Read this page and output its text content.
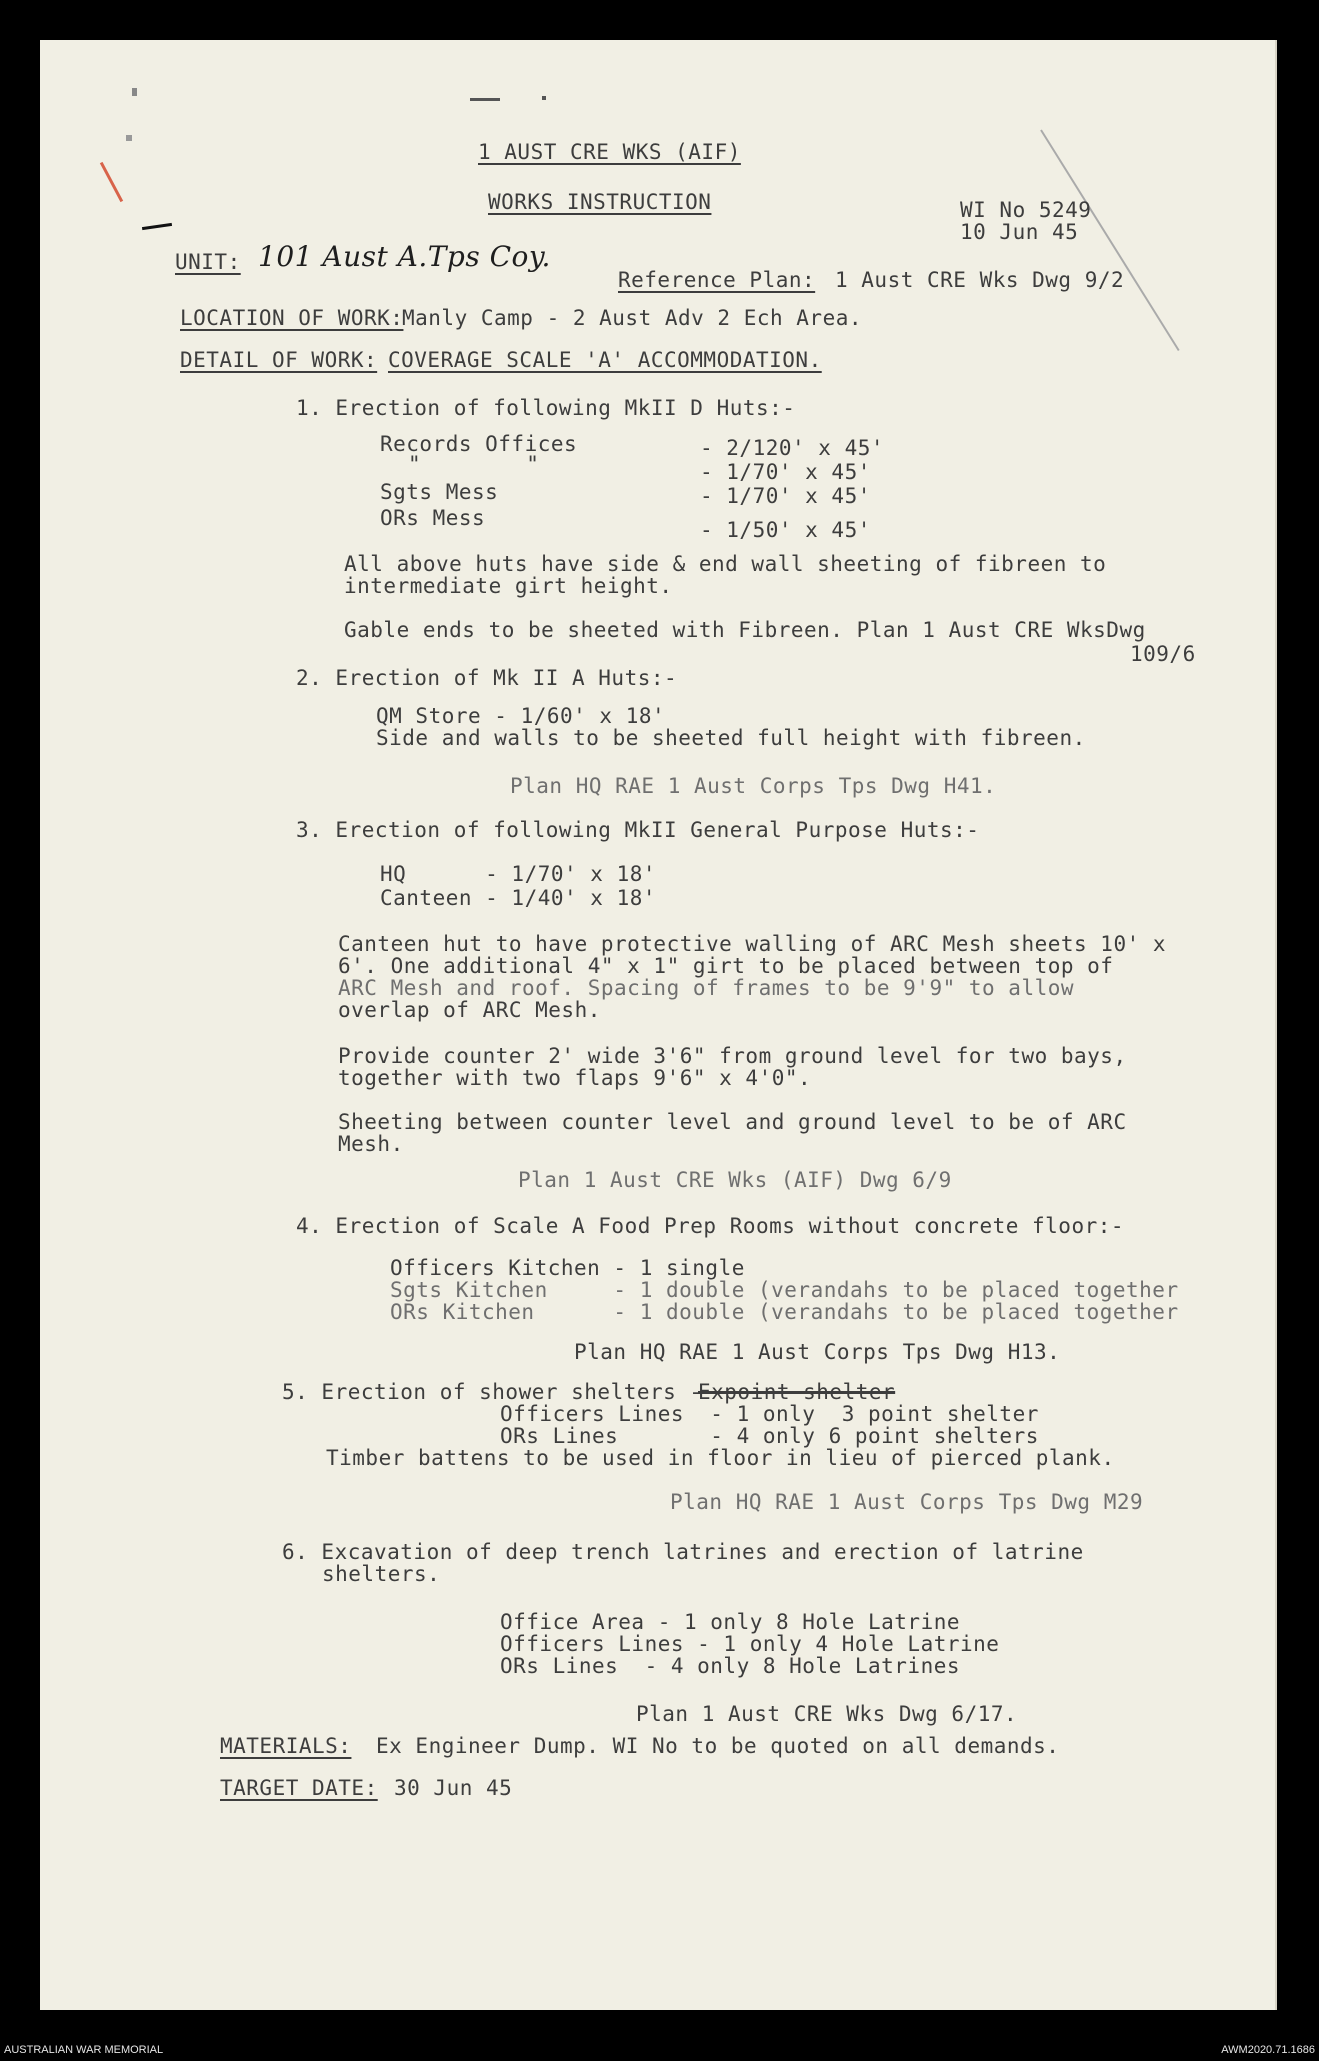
1 AUST CRE WKS (AIF)
WORKS INSTRUCTION	WI No 5249
10 Jun 45
UNIT: 101 Aust A.Tps Coy.
Reference Plan: 1 Aust CRE Wks Dwg 9/2
LOCATION OF WORK:
Manly Camp - 2 Aust Adv 2 Ech Area.
DETAIL OF WORK: COVERAGE SCALE 'A' ACCOMMODATION.
1. Erection of following MkII D Huts:-
Records Offices	- 2/120' x 45'
"        "	- 1/70' x 45'
Sgts Mess	- 1/70' x 45'
ORs Mess	- 1/50' x 45'
All above huts have side & end wall sheeting of fibreen to
intermediate girt height.
Gable ends to be sheeted with Fibreen. Plan 1 Aust CRE WksDwg
109/6
2. Erection of Mk II A Huts:-
QM Store - 1/60' x 18'
Side and walls to be sheeted full height with fibreen.
Plan HQ RAE 1 Aust Corps Tps Dwg H41.
3. Erection of following MkII General Purpose Huts:-
HQ      - 1/70' x 18'
Canteen - 1/40' x 18'
Canteen hut to have protective walling of ARC Mesh sheets 10' x
6'. One additional 4" x 1" girt to be placed between top of
ARC Mesh and roof. Spacing of frames to be 9'9" to allow
overlap of ARC Mesh.
Provide counter 2' wide 3'6" from ground level for two bays,
together with two flaps 9'6" x 4'0".
Sheeting between counter level and ground level to be of ARC
Mesh.
Plan 1 Aust CRE Wks (AIF) Dwg 6/9
4. Erection of Scale A Food Prep Rooms without concrete floor:-
Officers Kitchen - 1 single
Sgts Kitchen     - 1 double (verandahs to be placed together
ORs Kitchen      - 1 double (verandahs to be placed together
Plan HQ RAE 1 Aust Corps Tps Dwg H13.
5. Erection of shower shelters -
Expoint shelter
Officers Lines  - 1 only  3 point shelter
ORs Lines       - 4 only 6 point shelters
Timber battens to be used in floor in lieu of pierced plank.
Plan HQ RAE 1 Aust Corps Tps Dwg M29
6. Excavation of deep trench latrines and erection of latrine
shelters.
Office Area - 1 only 8 Hole Latrine
Officers Lines - 1 only 4 Hole Latrine
ORs Lines  - 4 only 8 Hole Latrines
Plan 1 Aust CRE Wks Dwg 6/17.
MATERIALS: Ex Engineer Dump. WI No to be quoted on all demands.
TARGET DATE: 30 Jun 45
AUSTRALIAN WAR MEMORIAL	AWM2020.71.1686
